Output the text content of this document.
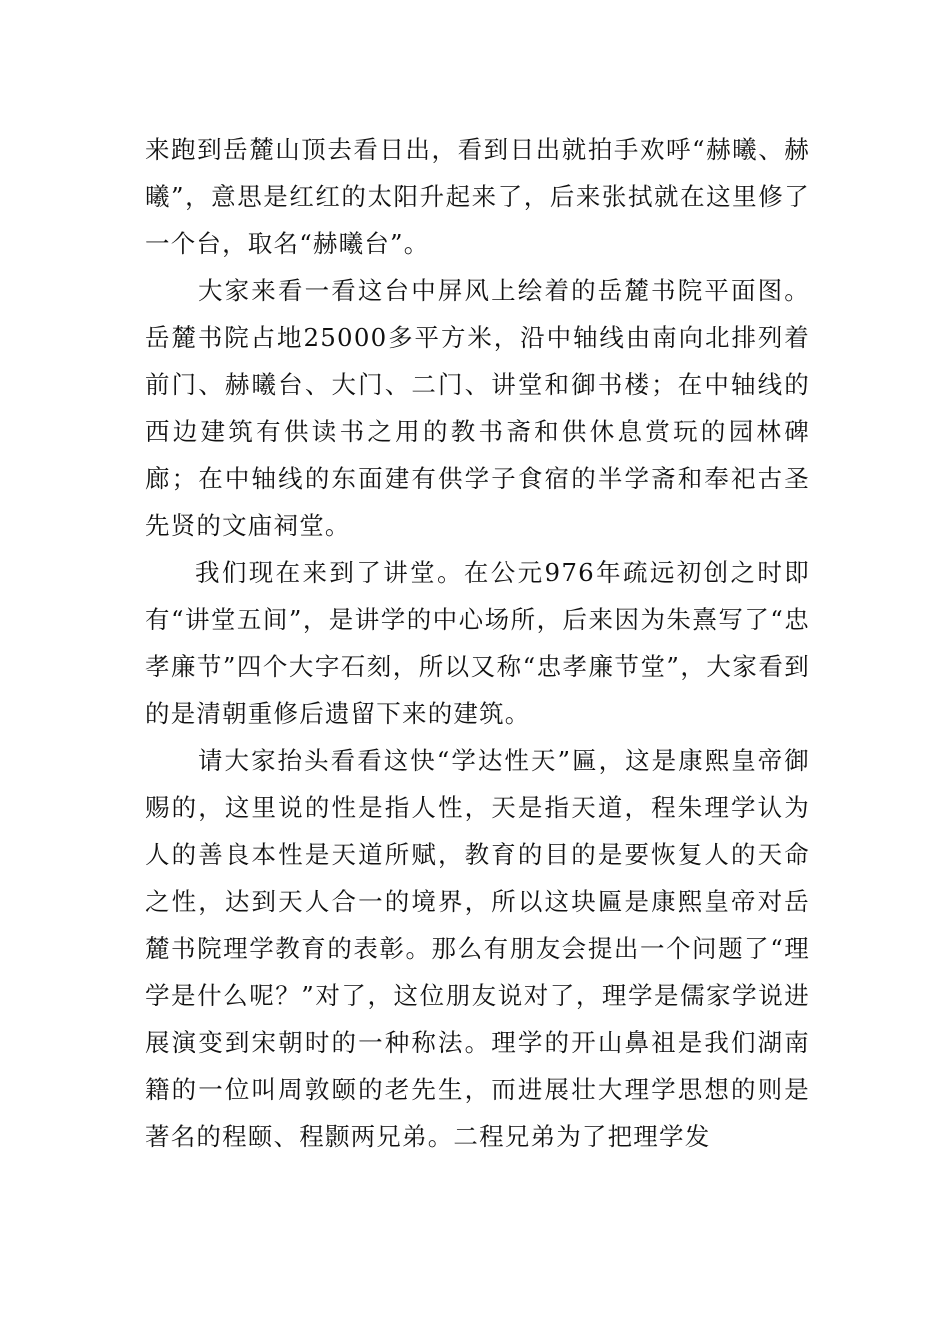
来跑到岳麓山顶去看日出，看到日出就拍手欢呼“赫曦、赫曦”，意思是红红的太阳升起来了，后来张拭就在这里修了一个台，取名“赫曦台”。

大家来看一看这台中屏风上绘着的岳麓书院平面图。岳麓书院占地25000多平方米，沿中轴线由南向北排列着前门、赫曦台、大门、二门、讲堂和御书楼；在中轴线的西边建筑有供读书之用的教书斋和供休息赏玩的园林碑廊；在中轴线的东面建有供学子食宿的半学斋和奉祀古圣先贤的文庙祠堂。

我们现在来到了讲堂。在公元976年疏远初创之时即有“讲堂五间”，是讲学的中心场所，后来因为朱熹写了“忠孝廉节”四个大字石刻，所以又称“忠孝廉节堂”，大家看到的是清朝重修后遗留下来的建筑。

请大家抬头看看这快“学达性天”匾，这是康熙皇帝御赐的，这里说的性是指人性，天是指天道，程朱理学认为人的善良本性是天道所赋，教育的目的是要恢复人的天命之性，达到天人合一的境界，所以这块匾是康熙皇帝对岳麓书院理学教育的表彰。那么有朋友会提出一个问题了“理学是什么呢？”对了，这位朋友说对了，理学是儒家学说进展演变到宋朝时的一种称法。理学的开山鼻祖是我们湖南籍的一位叫周敦颐的老先生，而进展壮大理学思想的则是著名的程颐、程颢两兄弟。二程兄弟为了把理学发
